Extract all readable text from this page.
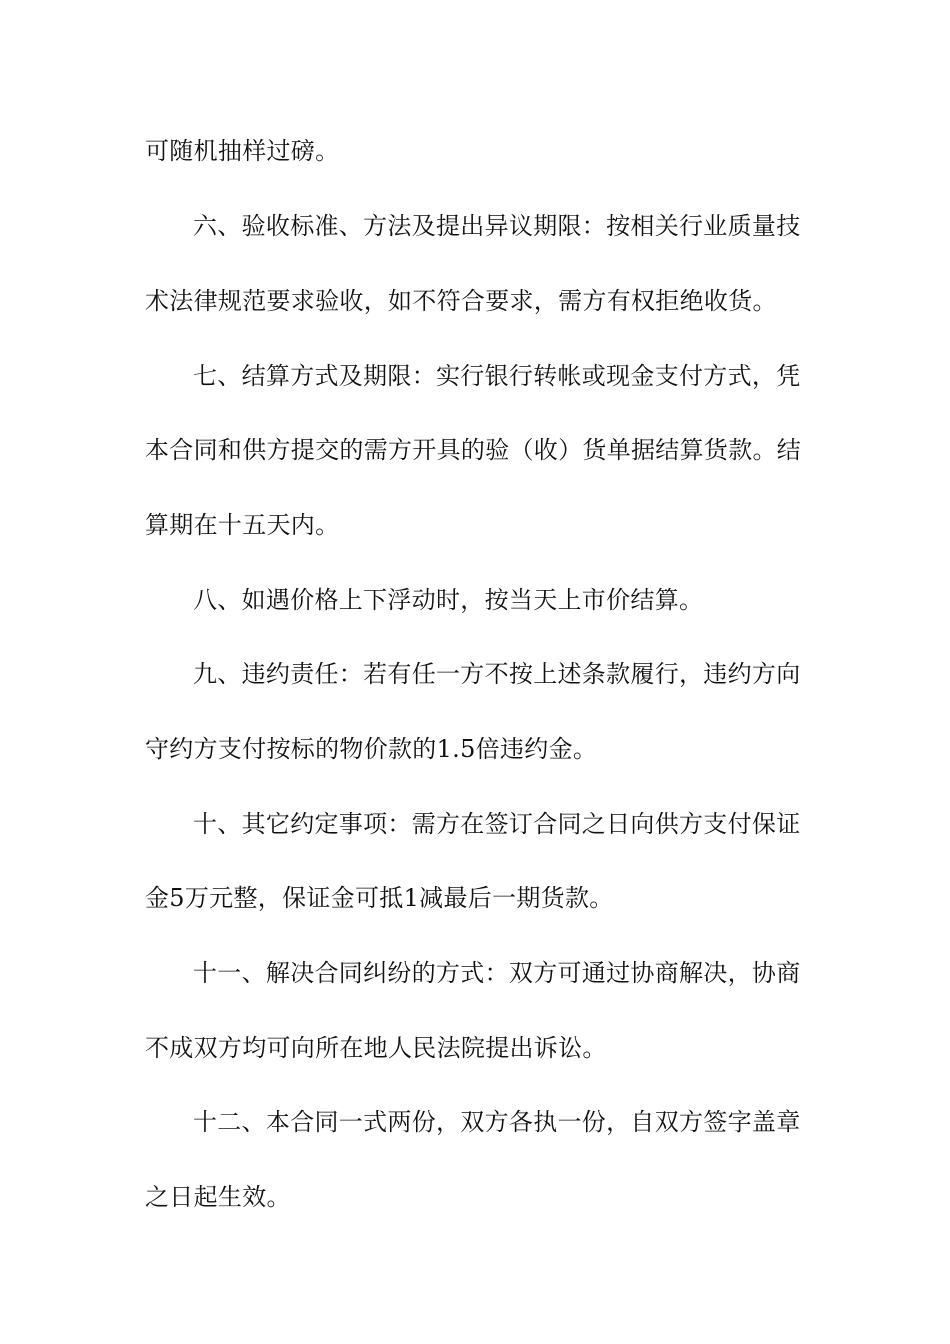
可随机抽样过磅。
六、验收标准、方法及提出异议期限：按相关行业质量技
术法律规范要求验收，如不符合要求，需方有权拒绝收货。
七、结算方式及期限：实行银行转帐或现金支付方式，凭
本合同和供方提交的需方开具的验（收）货单据结算货款。结
算期在十五天内。
八、如遇价格上下浮动时，按当天上市价结算。
九、违约责任：若有任一方不按上述条款履行，违约方向
守约方支付按标的物价款的1.5倍违约金。
十、其它约定事项：需方在签订合同之日向供方支付保证
金5万元整，保证金可抵1减最后一期货款。
十一、解决合同纠纷的方式：双方可通过协商解决，协商
不成双方均可向所在地人民法院提出诉讼。
十二、本合同一式两份，双方各执一份，自双方签字盖章
之日起生效。
